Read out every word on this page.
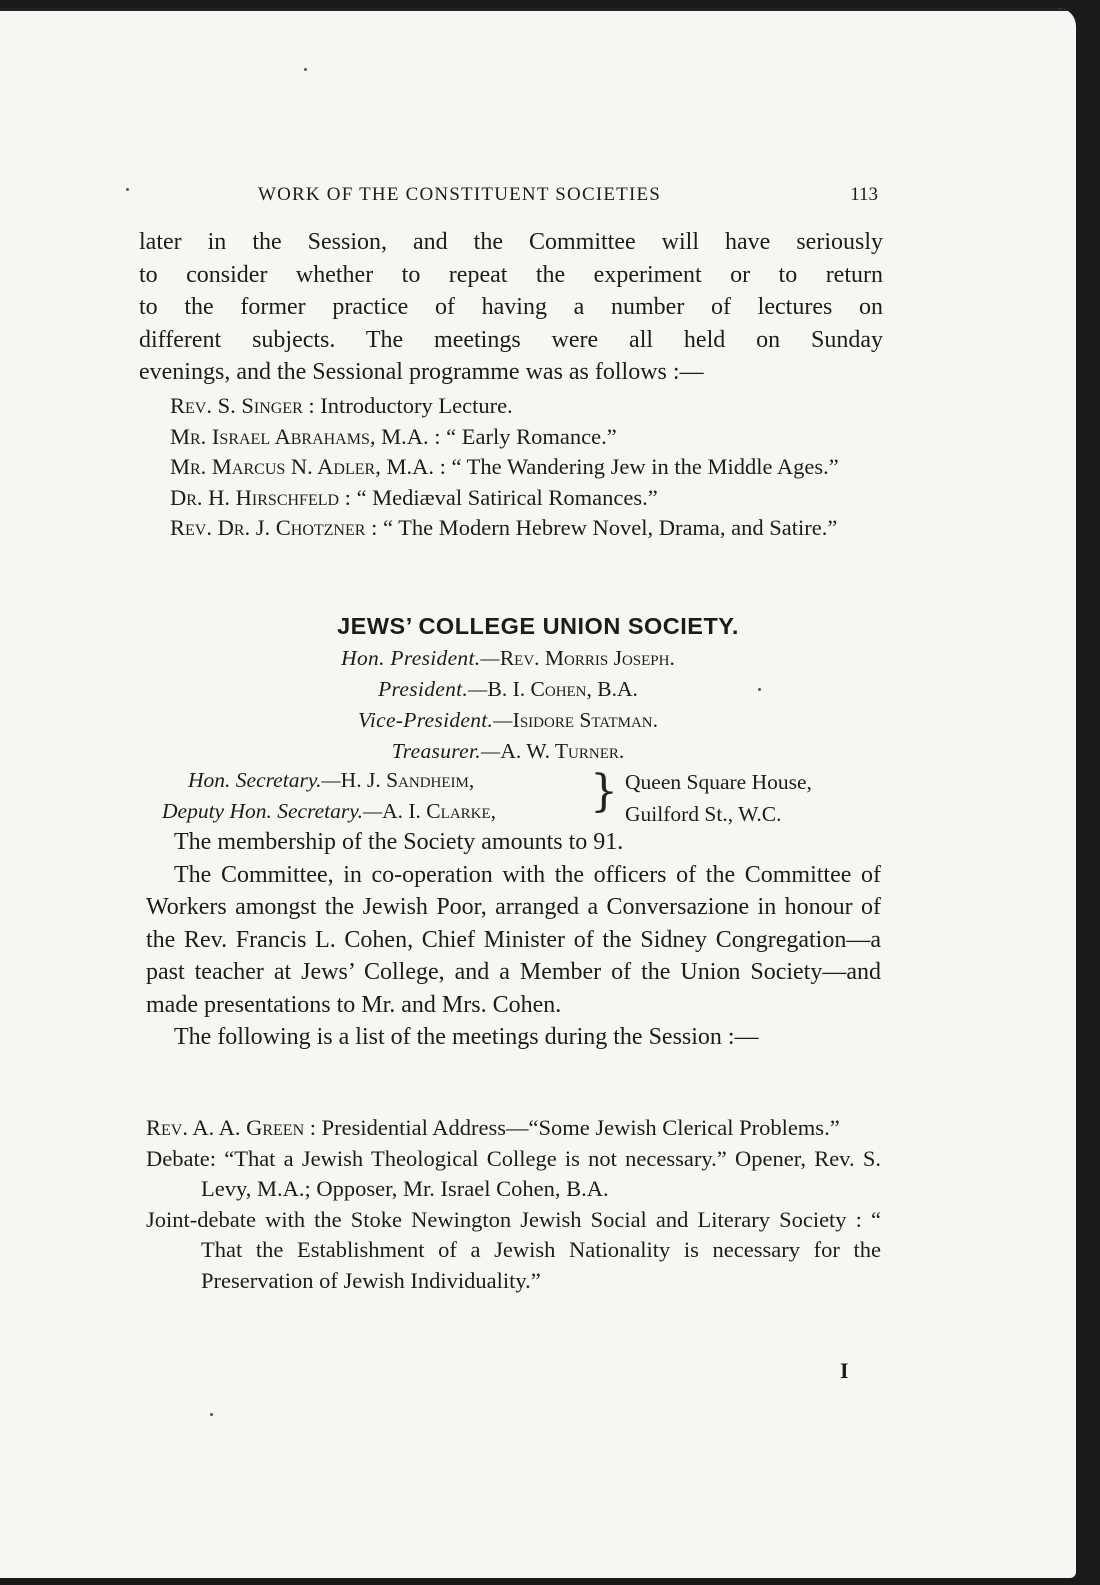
WORK OF THE CONSTITUENT SOCIETIES	113

later in the Session, and the Committee will have seriously

to consider whether to repeat the experiment or to return

to the former practice of having a number of lectures on

different subjects. The meetings were all held on Sunday

evenings, and the Sessional programme was as follows :—

Rev. S. Singer : Introductory Lecture.

Mr. Israel Abrahams, M.A. : “ Early Romance.”

Mr. Marcus N. Adler, M.A. : “ The Wandering Jew in the Middle Ages.”

Dr. H. Hirschfeld : “ Mediæval Satirical Romances.”

Rev. Dr. J. Chotzner : “ The Modern Hebrew Novel, Drama, and Satire.”

JEWS’ COLLEGE UNION SOCIETY.
Hon. President.—Rev. Morris Joseph.
President.—B. I. Cohen, B.A.
Vice-President.—Isidore Statman.
Treasurer.—A. W. Turner.
Hon. Secretary.—H. J. Sandheim,
Deputy Hon. Secretary.—A. I. Clarke, } Queen Square House,
Guilford St., W.C.

The membership of the Society amounts to 91.

The Committee, in co-operation with the officers of the Committee of Workers amongst the Jewish Poor, arranged a Conversazione in honour of the Rev. Francis L. Cohen, Chief Minister of the Sidney Congregation—a past teacher at Jews’ College, and a Member of the Union Society—and made presentations to Mr. and Mrs. Cohen.

The following is a list of the meetings during the Session :—

Rev. A. A. Green : Presidential Address—“Some Jewish Clerical Problems.”

Debate: “That a Jewish Theological College is not necessary.” Opener, Rev. S. Levy, M.A.; Opposer, Mr. Israel Cohen, B.A.

Joint-debate with the Stoke Newington Jewish Social and Literary Society : “ That the Establishment of a Jewish Nationality is necessary for the Preservation of Jewish Individuality.”

I
